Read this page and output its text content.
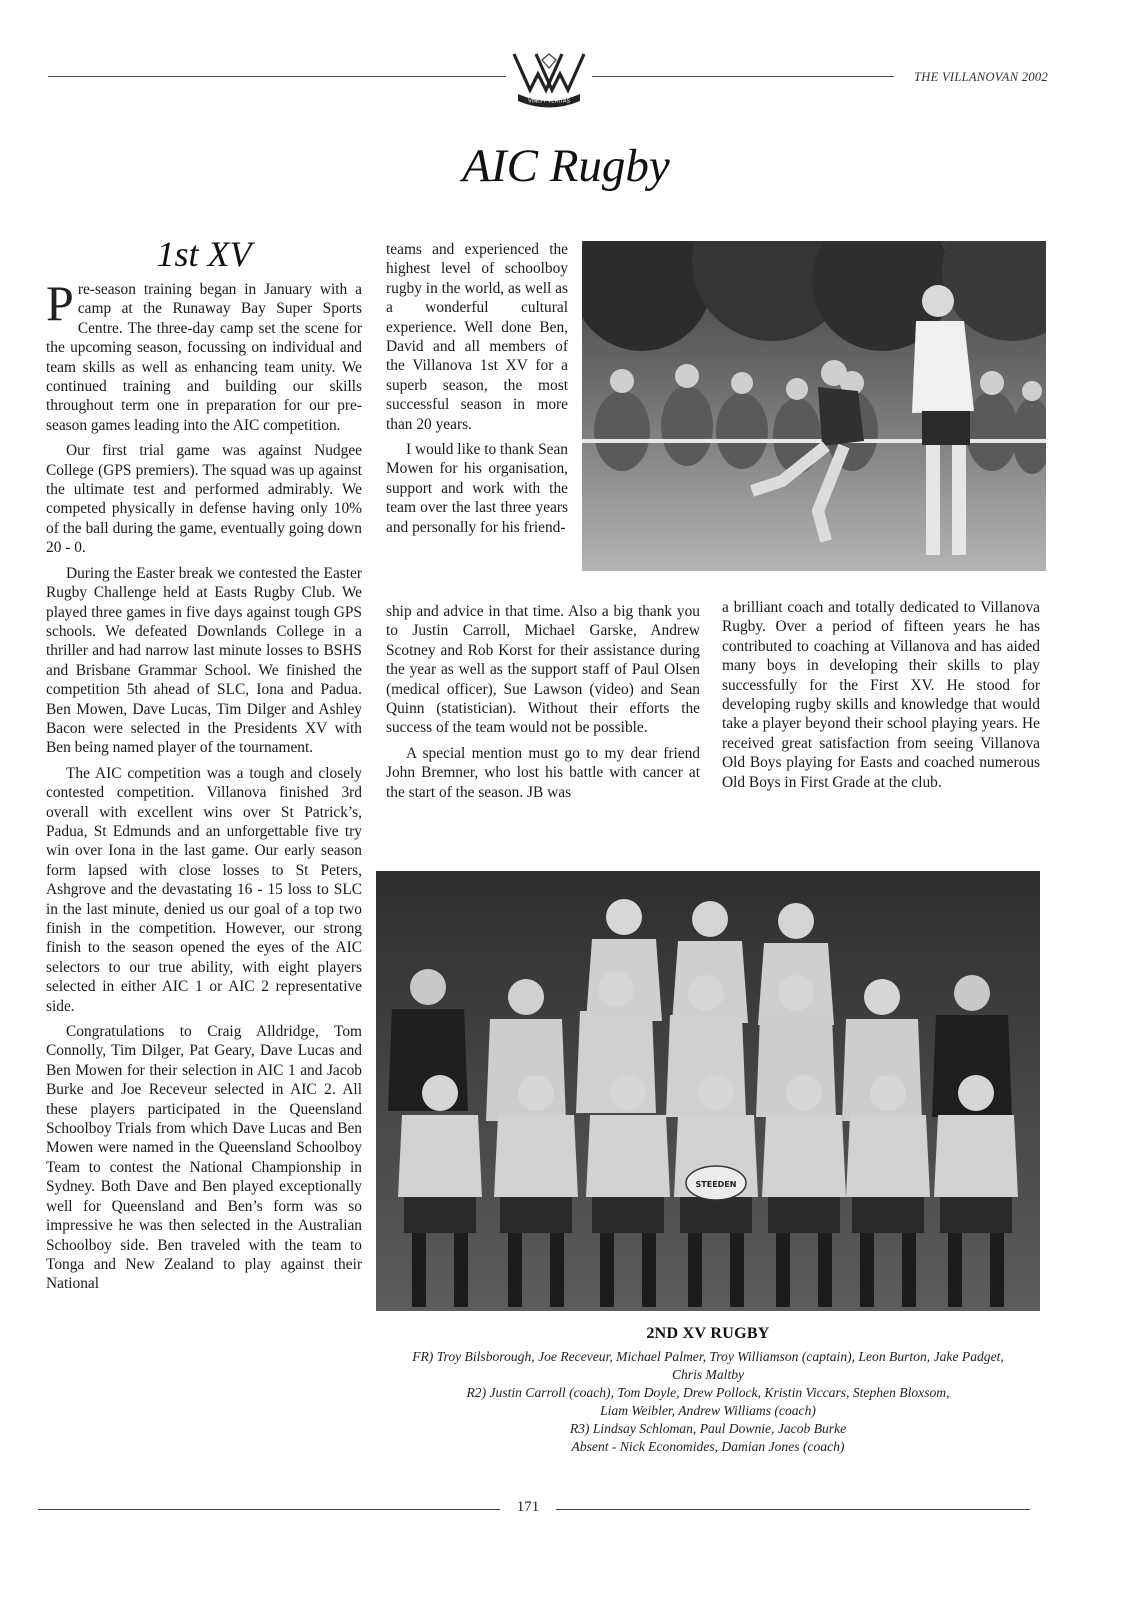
VINCIT VERITAS
THE VILLANOVAN 2002
AIC Rugby
1st XV

Pre-season training began in January with a camp at the Runaway Bay Super Sports Centre. The three-day camp set the scene for the upcoming season, focussing on individual and team skills as well as enhancing team unity. We continued training and building our skills throughout term one in preparation for our pre-season games leading into the AIC competition.

Our first trial game was against Nudgee College (GPS premiers). The squad was up against the ultimate test and performed admirably. We competed physically in defense having only 10% of the ball during the game, eventually going down 20 - 0.

During the Easter break we contested the Easter Rugby Challenge held at Easts Rugby Club. We played three games in five days against tough GPS schools. We defeated Downlands College in a thriller and had narrow last minute losses to BSHS and Brisbane Grammar School. We finished the competition 5th ahead of SLC, Iona and Padua. Ben Mowen, Dave Lucas, Tim Dilger and Ashley Bacon were selected in the Presidents XV with Ben being named player of the tournament.

The AIC competition was a tough and closely contested competition. Villanova finished 3rd overall with excellent wins over St Patrick’s, Padua, St Edmunds and an unforgettable five try win over Iona in the last game. Our early season form lapsed with close losses to St Peters, Ashgrove and the devastating 16 - 15 loss to SLC in the last minute, denied us our goal of a top two finish in the competition. However, our strong finish to the season opened the eyes of the AIC selectors to our true ability, with eight players selected in either AIC 1 or AIC 2 representative side.

Congratulations to Craig Alldridge, Tom Connolly, Tim Dilger, Pat Geary, Dave Lucas and Ben Mowen for their selection in AIC 1 and Jacob Burke and Joe Receveur selected in AIC 2. All these players participated in the Queensland Schoolboy Trials from which Dave Lucas and Ben Mowen were named in the Queensland Schoolboy Team to contest the National Championship in Sydney. Both Dave and Ben played exceptionally well for Queensland and Ben’s form was so impressive he was then selected in the Australian Schoolboy side. Ben traveled with the team to Tonga and New Zealand to play against their National

teams and experienced the highest level of schoolboy rugby in the world, as well as a wonderful cultural experience. Well done Ben, David and all members of the Villanova 1st XV for a superb season, the most successful season in more than 20 years.

I would like to thank Sean Mowen for his organisation, support and work with the team over the last three years and personally for his friend-

ship and advice in that time. Also a big thank you to Justin Carroll, Michael Garske, Andrew Scotney and Rob Korst for their assistance during the year as well as the support staff of Paul Olsen (medical officer), Sue Lawson (video) and Sean Quinn (statistician). Without their efforts the success of the team would not be possible.

A special mention must go to my dear friend John Bremner, who lost his battle with cancer at the start of the season. JB was

a brilliant coach and totally dedicated to Villanova Rugby. Over a period of fifteen years he has contributed to coaching at Villanova and has aided many boys in developing their skills to play successfully for the First XV. He stood for developing rugby skills and knowledge that would take a player beyond their school playing years. He received great satisfaction from seeing Villanova Old Boys playing for Easts and coached numerous Old Boys in First Grade at the club.

STEEDEN
2ND XV RUGBY
FR) Troy Bilsborough, Joe Receveur, Michael Palmer, Troy Williamson (captain), Leon Burton, Jake Padget,
Chris Maltby
R2) Justin Carroll (coach), Tom Doyle, Drew Pollock, Kristin Viccars, Stephen Bloxsom,
Liam Weibler, Andrew Williams (coach)
R3) Lindsay Schloman, Paul Downie, Jacob Burke
Absent - Nick Economides, Damian Jones (coach)
171
